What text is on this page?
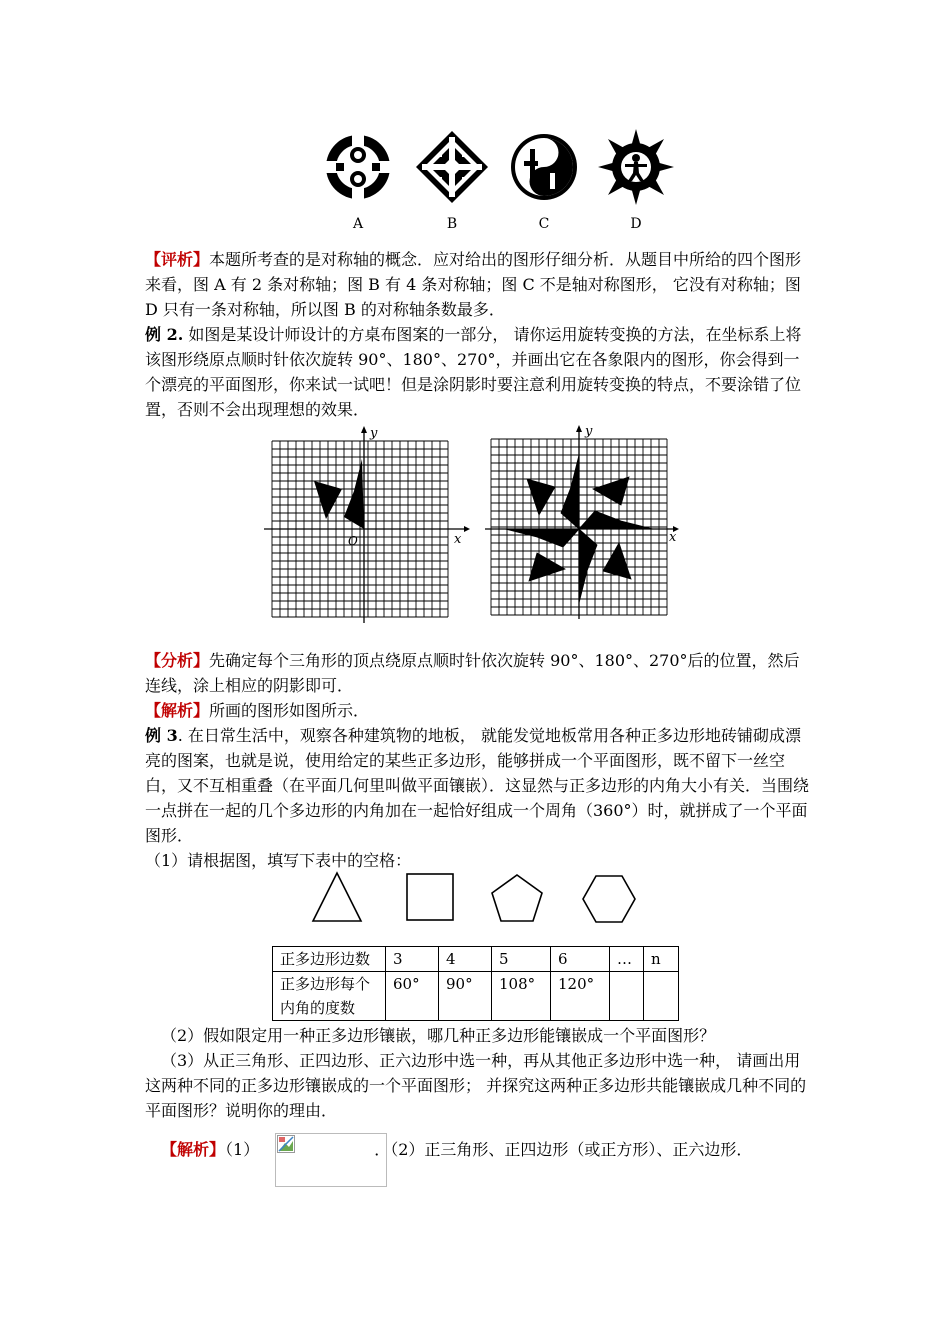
A	B	C	D

【评析】本题所考查的是对称轴的概念．应对给出的图形仔细分析．从题目中所给的四个图形来看，图 A 有 2 条对称轴；图 B 有 4 条对称轴；图 C 不是轴对称图形， 它没有对称轴；图 D 只有一条对称轴，所以图 B 的对称轴条数最多．

例 2. 如图是某设计师设计的方桌布图案的一部分， 请你运用旋转变换的方法，在坐标系上将该图形绕原点顺时针依次旋转 90°、180°、270°，并画出它在各象限内的图形，你会得到一个漂亮的平面图形，你来试一试吧！但是涂阴影时要注意利用旋转变换的特点，不要涂错了位置，否则不会出现理想的效果．

x
y
O	x
y

【分析】先确定每个三角形的顶点绕原点顺时针依次旋转 90°、180°、270°后的位置，然后连线，涂上相应的阴影即可．

【解析】所画的图形如图所示．

例 3. 在日常生活中，观察各种建筑物的地板， 就能发觉地板常用各种正多边形地砖铺砌成漂亮的图案，也就是说，使用给定的某些正多边形，能够拼成一个平面图形，既不留下一丝空白，又不互相重叠（在平面几何里叫做平面镶嵌）．这显然与正多边形的内角大小有关．当围绕一点拼在一起的几个多边形的内角加在一起恰好组成一个周角（360°）时，就拼成了一个平面图形．

（1）请根据图，填写下表中的空格：

正多边形边数	3	4	5	6	…	n

正多边形每个
内角的度数	60°	90°	108°	120°		

（2）假如限定用一种正多边形镶嵌，哪几种正多边形能镶嵌成一个平面图形？

（3）从正三角形、正四边形、正六边形中选一种，再从其他正多边形中选一种， 请画出用这两种不同的正多边形镶嵌成的一个平面图形； 并探究这两种正多边形共能镶嵌成几种不同的平面图形？说明你的理由．

【解析】（1）	．（2）正三角形、正四边形（或正方形）、正六边形．
